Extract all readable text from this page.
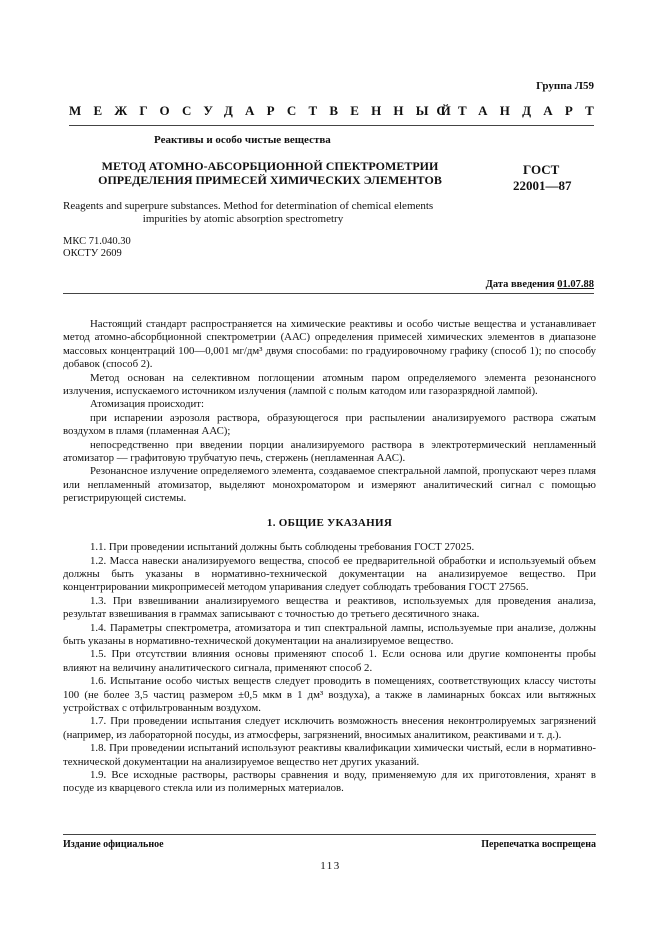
Группа Л59
МЕЖГОСУДАРСТВЕННЫЙ
СТАНДАРТ
Реактивы и особо чистые вещества
МЕТОД АТОМНО-АБСОРБЦИОННОЙ СПЕКТРОМЕТРИИ
ОПРЕДЕЛЕНИЯ ПРИМЕСЕЙ ХИМИЧЕСКИХ ЭЛЕМЕНТОВ
ГОСТ
22001—87
Reagents and superpure substances. Method for determination of chemical elements
impurities by atomic absorption spectrometry
МКС 71.040.30
ОКСТУ 2609
Дата введения 01.07.88

Настоящий стандарт распространяется на химические реактивы и особо чистые вещества и устанавливает метод атомно-абсорбционной спектрометрии (ААС) определения примесей химических элементов в диапазоне массовых концентраций 100—0,001 мг/дм³ двумя способами: по градуировочному графику (способ 1); по способу добавок (способ 2).

Метод основан на селективном поглощении атомным паром определяемого элемента резонансного излучения, испускаемого источником излучения (лампой с полым катодом или газоразрядной лампой).

Атомизация происходит:

при испарении аэрозоля раствора, образующегося при распылении анализируемого раствора сжатым воздухом в пламя (пламенная ААС);

непосредственно при введении порции анализируемого раствора в электротермический непламенный атомизатор — графитовую трубчатую печь, стержень (непламенная ААС).

Резонансное излучение определяемого элемента, создаваемое спектральной лампой, пропускают через пламя или непламенный атомизатор, выделяют монохроматором и измеряют аналитический сигнал с помощью регистрирующей системы.

1. ОБЩИЕ УКАЗАНИЯ

1.1. При проведении испытаний должны быть соблюдены требования ГОСТ 27025.

1.2. Масса навески анализируемого вещества, способ ее предварительной обработки и используемый объем должны быть указаны в нормативно-технической документации на анализируемое вещество. При концентрировании микропримесей методом упаривания следует соблюдать требования ГОСТ 27565.

1.3. При взвешивании анализируемого вещества и реактивов, используемых для проведения анализа, результат взвешивания в граммах записывают с точностью до третьего десятичного знака.

1.4. Параметры спектрометра, атомизатора и тип спектральной лампы, используемые при анализе, должны быть указаны в нормативно-технической документации на анализируемое вещество.

1.5. При отсутствии влияния основы применяют способ 1. Если основа или другие компоненты пробы влияют на величину аналитического сигнала, применяют способ 2.

1.6. Испытание особо чистых веществ следует проводить в помещениях, соответствующих классу чистоты 100 (не более 3,5 частиц размером ±0,5 мкм в 1 дм³ воздуха), а также в ламинарных боксах или вытяжных устройствах с отфильтрованным воздухом.

1.7. При проведении испытания следует исключить возможность внесения неконтролируемых загрязнений (например, из лабораторной посуды, из атмосферы, загрязнений, вносимых аналитиком, реактивами и т. д.).

1.8. При проведении испытаний используют реактивы квалификации химически чистый, если в нормативно-технической документации на анализируемое вещество нет других указаний.

1.9. Все исходные растворы, растворы сравнения и воду, применяемую для их приготовления, хранят в посуде из кварцевого стекла или из полимерных материалов.

Издание официальное	Перепечатка воспрещена
113
